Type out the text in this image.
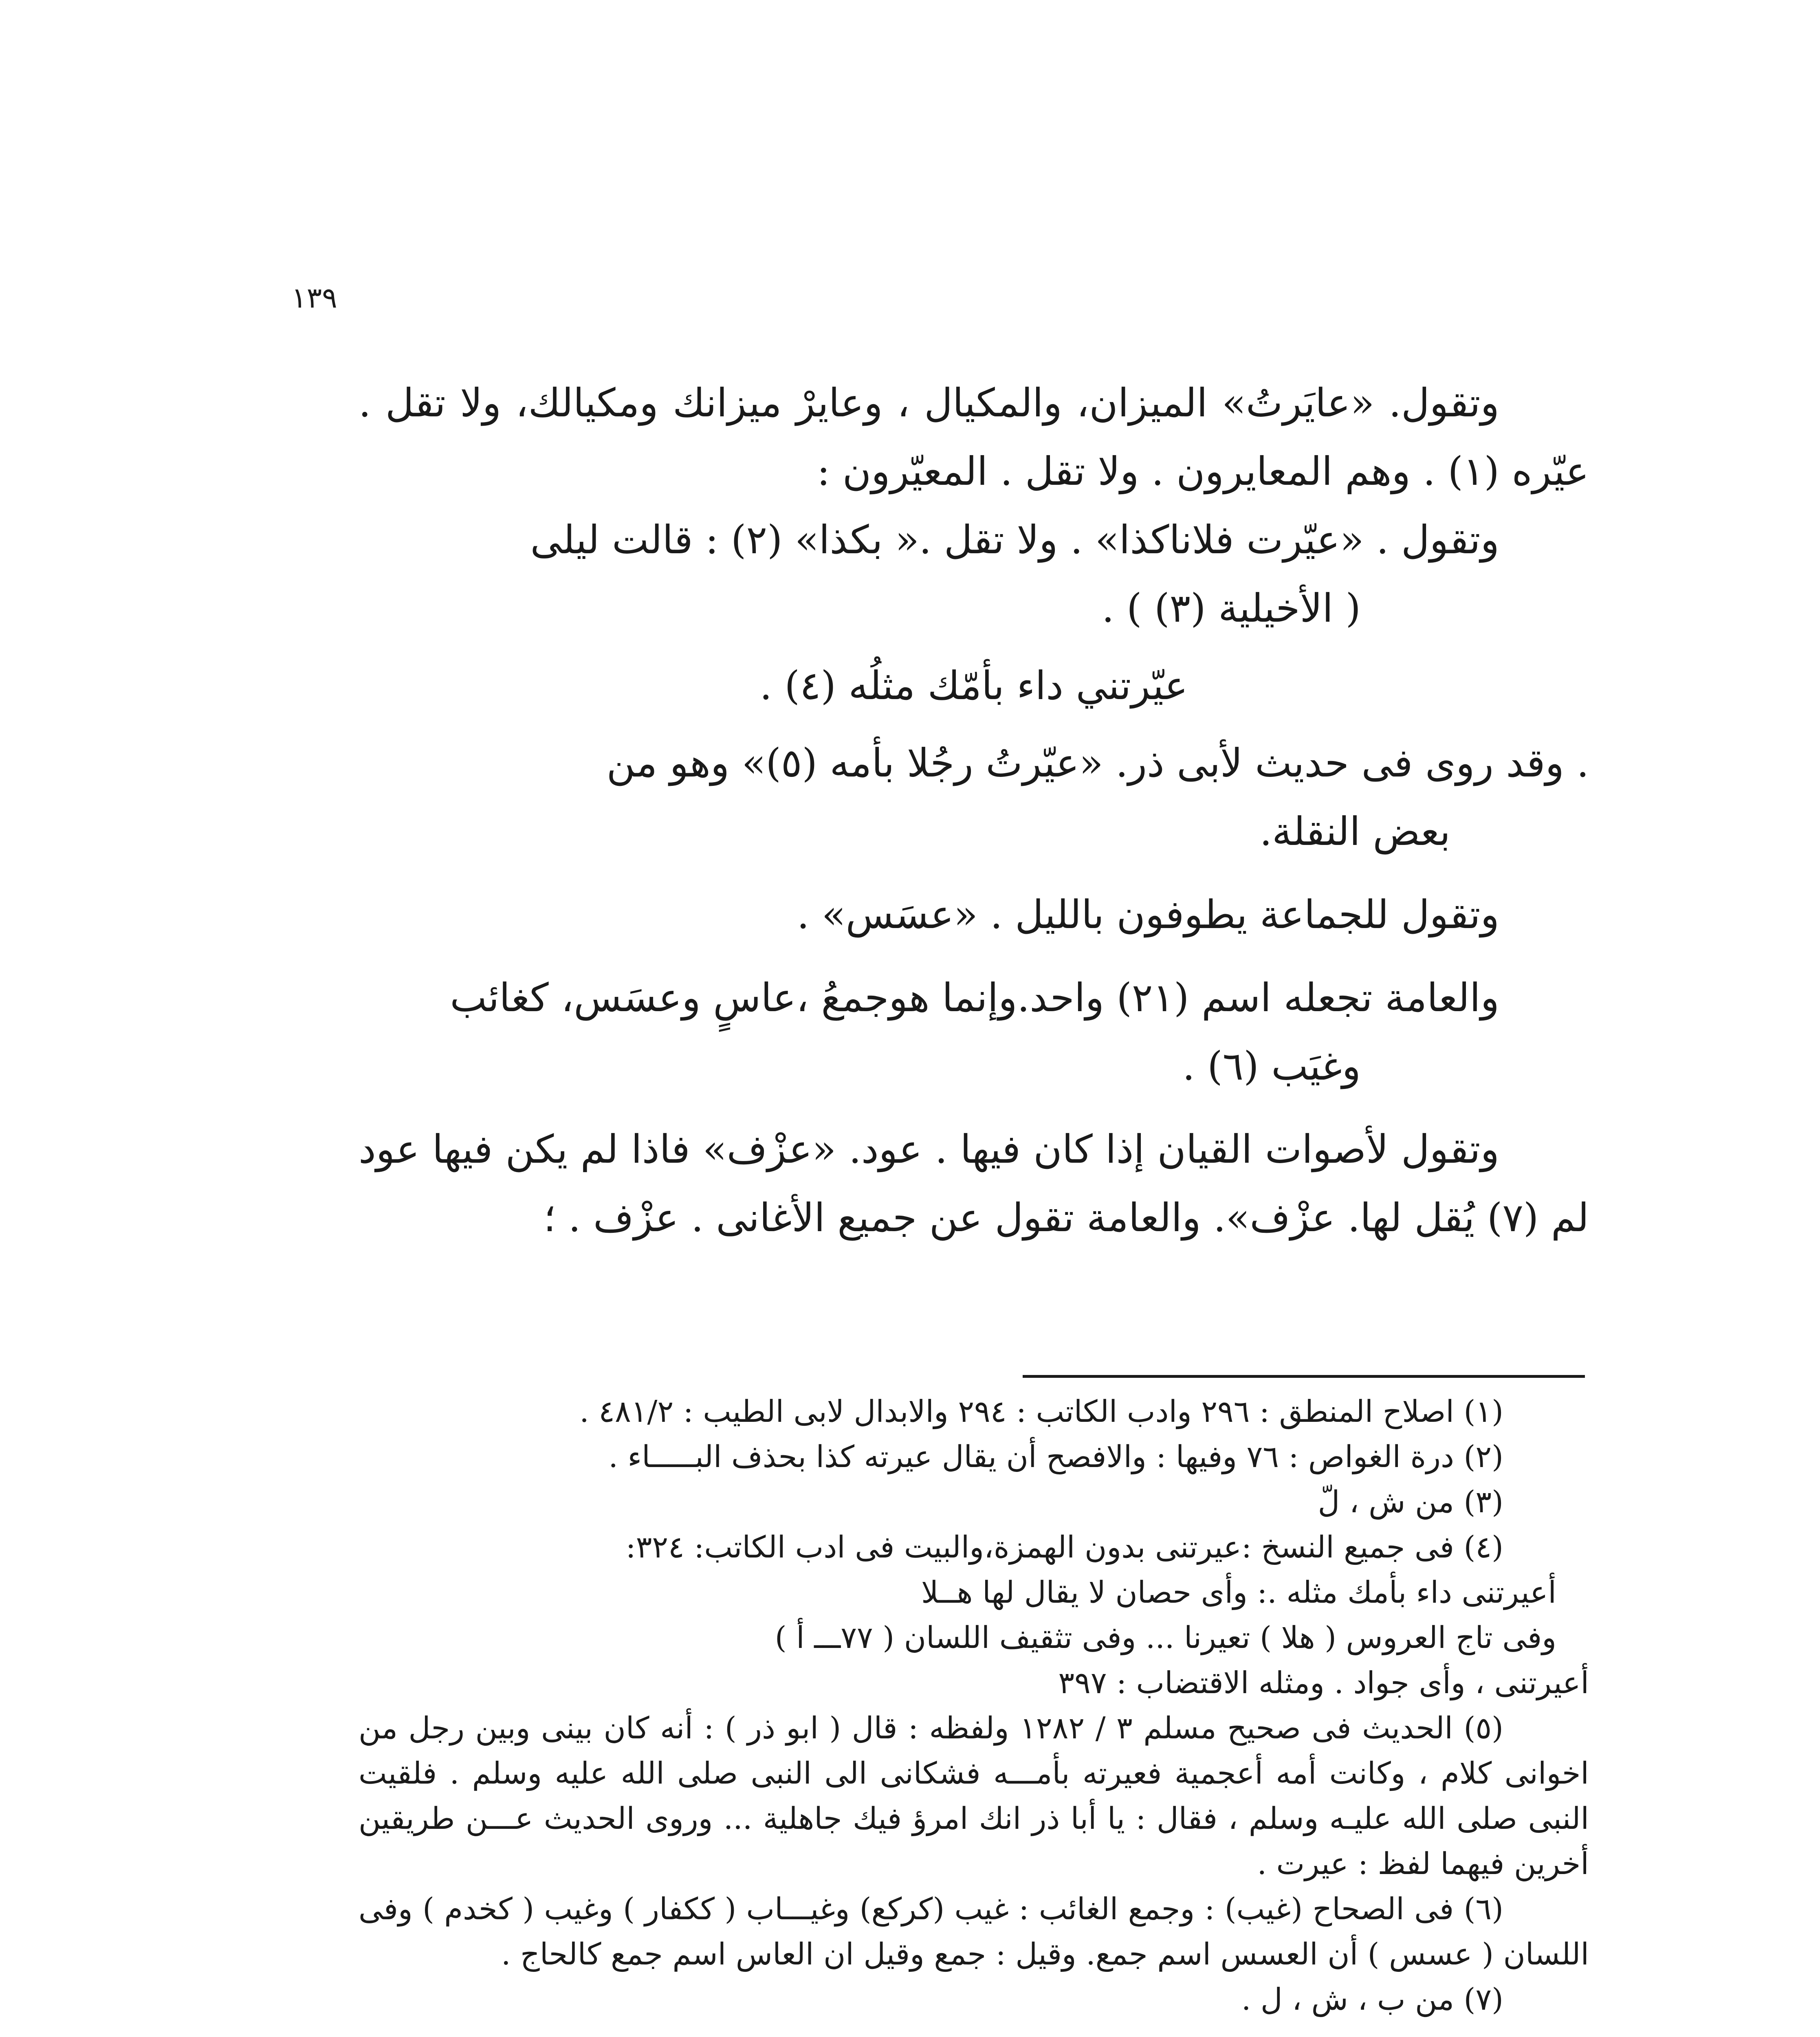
١٣٩

وتقول. «عايَرتُ» الميزان، والمكيال ، وعايرْ ميزانك ومكيالك، ولا تقل . عيّره (١) . وهم المعايرون . ولا تقل . المعيّرون :

وتقول . «عيّرت فلاناكذا» . ولا تقل .« بكذا» (٢) : قالت ليلى
( الأخيلية (٣) ) .

عيّرتني داء بأمّك مثلُه (٤) .

. وقد روى فى حديث لأبى ذر. «عيّرتُ رجُلا بأمه (٥)» وهو من
بعض النقلة.

وتقول للجماعة يطوفون بالليل . «عسَس» .

والعامة تجعله اسم (٢١) واحد.وإنما هوجمعُ ،عاسٍ وعسَس، كغائب
وغيَب (٦) .

وتقول لأصوات القيان إذا كان فيها . عود. «عزْف» فاذا لم يكن فيها عود لم (٧) يُقل لها. عزْف». والعامة تقول عن جميع الأغانى . عزْف . ؛

(١) اصلاح المنطق : ٢٩٦ وادب الكاتب : ٢٩٤ والابدال لابى الطيب : ٤٨١/٢ .

(٢) درة الغواص : ٧٦ وفيها : والافصح أن يقال عيرته كذا بحذف البـــــاء .

(٣) من ش ، لّ

(٤) فى جميع النسخ :عيرتنى بدون الهمزة،والبيت فى ادب الكاتب: ٣٢٤:
أعيرتنى داء بأمك مثله .: وأى حصان لا يقال لها هــلا
وفى تاج العروس ( هلا ) تعيرنا ... وفى تثقيف اللسان ( ٧٧ـــ أ )
أعيرتنى ، وأى جواد . ومثله الاقتضاب : ٣٩٧

(٥) الحديث فى صحيح مسلم ٣ / ١٢٨٢ ولفظه : قال ( ابو ذر ) : أنه كان بينى وبين رجل من اخوانى كلام ، وكانت أمه أعجمية فعيرته بأمـــه فشكانى الى النبى صلى الله عليه وسلم . فلقيت النبى صلى الله عليـه وسلم ، فقال : يا أبا ذر انك امرؤ فيك جاهلية ... وروى الحديث عـــن طريقين أخرين فيهما لفظ : عيرت .

(٦) فى الصحاح (غيب) : وجمع الغائب : غيب (كركع) وغيـــاب ( ككفار ) وغيب ( كخدم ) وفى اللسان ( عسس ) أن العسس اسم جمع. وقيل : جمع وقيل ان العاس اسم جمع كالحاج .

(٧) من ب ، ش ، ل .
